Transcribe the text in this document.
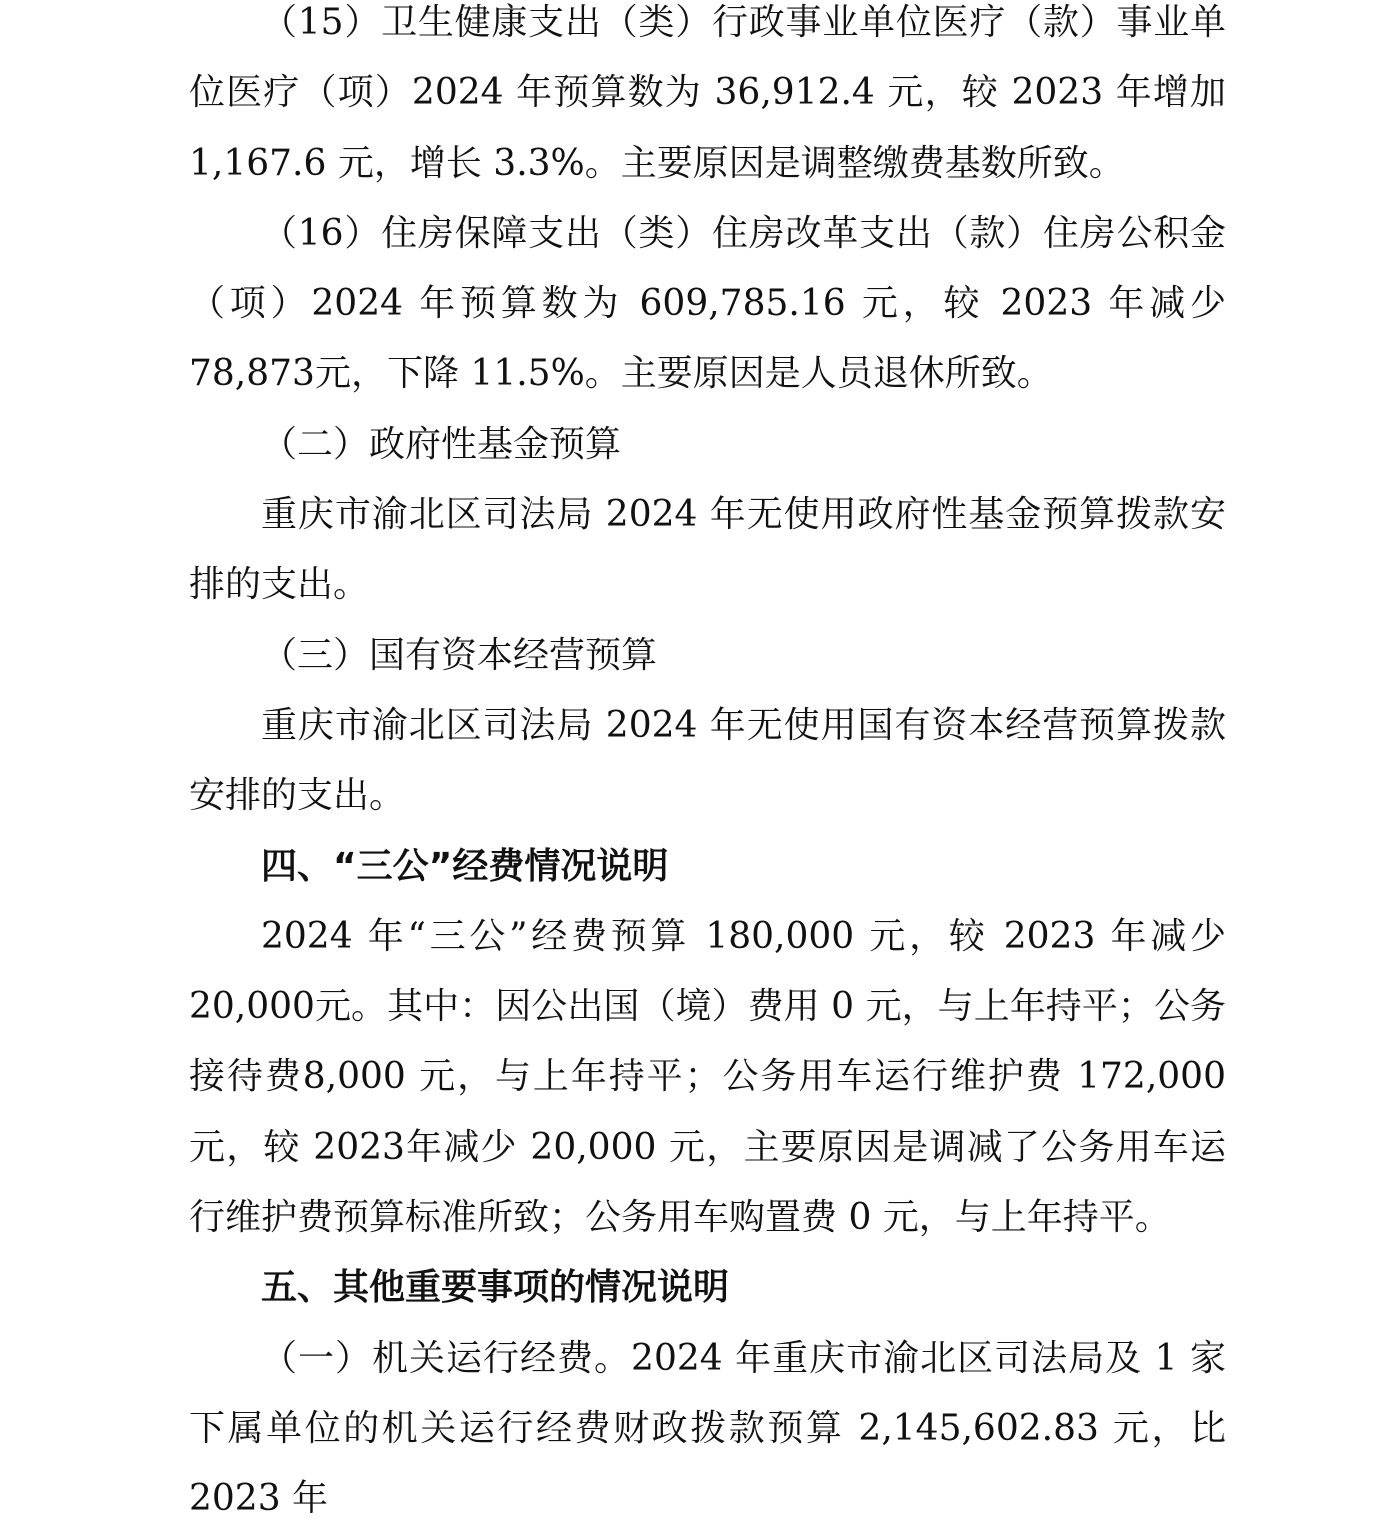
（15）卫生健康支出（类）行政事业单位医疗（款）事业单位医疗（项）2024 年预算数为 36,912.4 元，较 2023 年增加1,167.6 元，增长 3.3%。主要原因是调整缴费基数所致。

（16）住房保障支出（类）住房改革支出（款）住房公积金（项）2024 年预算数为 609,785.16 元，较 2023 年减少 78,873元，下降 11.5%。主要原因是人员退休所致。

（二）政府性基金预算

重庆市渝北区司法局 2024 年无使用政府性基金预算拨款安排的支出。

（三）国有资本经营预算

重庆市渝北区司法局 2024 年无使用国有资本经营预算拨款安排的支出。

四、“三公”经费情况说明

2024 年“三公”经费预算 180,000 元，较 2023 年减少 20,000元。其中：因公出国（境）费用 0 元，与上年持平；公务接待费8,000 元，与上年持平；公务用车运行维护费 172,000 元，较 2023年减少 20,000 元，主要原因是调减了公务用车运行维护费预算标准所致；公务用车购置费 0 元，与上年持平。

五、其他重要事项的情况说明

（一）机关运行经费。2024 年重庆市渝北区司法局及 1 家下属单位的机关运行经费财政拨款预算 2,145,602.83 元，比 2023 年
